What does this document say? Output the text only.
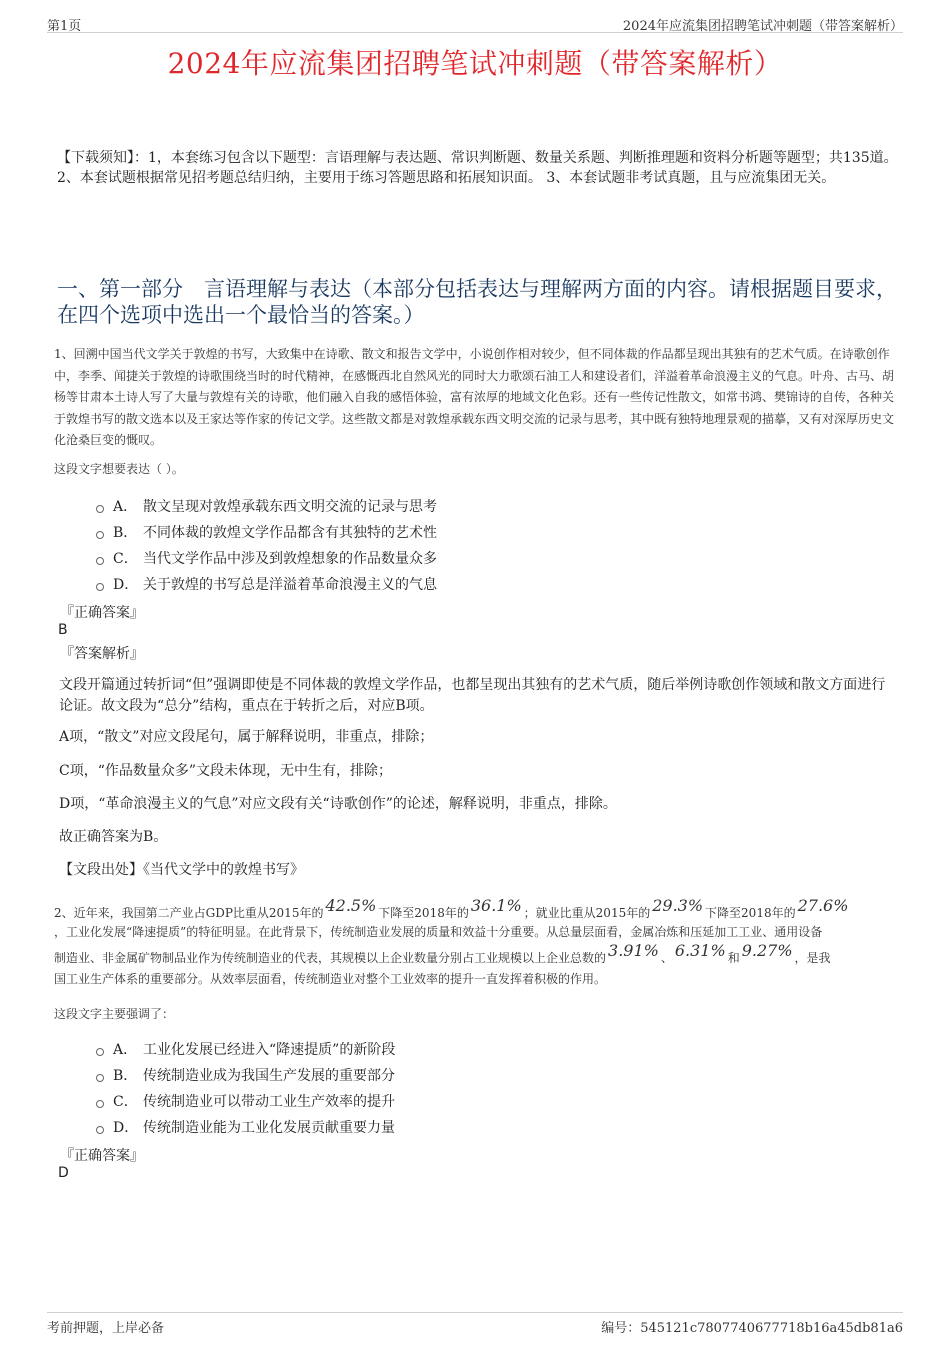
第1页	2024年应流集团招聘笔试冲刺题（带答案解析）
2024年应流集团招聘笔试冲刺题（带答案解析）
【下载须知】：1，本套练习包含以下题型：言语理解与表达题、常识判断题、数量关系题、判断推理题和资料分析题等题型；共135道。 2、本套试题根据常见招考题总结归纳，主要用于练习答题思路和拓展知识面。 3、本套试题非考试真题，且与应流集团无关。
一、第一部分　言语理解与表达（本部分包括表达与理解两方面的内容。请根据题目要求，在四个选项中选出一个最恰当的答案。）
1、回溯中国当代文学关于敦煌的书写，大致集中在诗歌、散文和报告文学中，小说创作相对较少，但不同体裁的作品都呈现出其独有的艺术气质。在诗歌创作中，李季、闻捷关于敦煌的诗歌围绕当时的时代精神，在感慨西北自然风光的同时大力歌颂石油工人和建设者们，洋溢着革命浪漫主义的气息。叶舟、古马、胡杨等甘肃本土诗人写了大量与敦煌有关的诗歌，他们融入自我的感悟体验，富有浓厚的地域文化色彩。还有一些传记性散文，如常书鸿、樊锦诗的自传，各种关于敦煌书写的散文选本以及王家达等作家的传记文学。这些散文都是对敦煌承载东西文明交流的记录与思考，其中既有独特地理景观的描摹，又有对深厚历史文化沧桑巨变的慨叹。
这段文字想要表达（ ）。
A． 散文呈现对敦煌承载东西文明交流的记录与思考
B． 不同体裁的敦煌文学作品都含有其独特的艺术性
C． 当代文学作品中涉及到敦煌想象的作品数量众多
D． 关于敦煌的书写总是洋溢着革命浪漫主义的气息
『正确答案』
B
『答案解析』
文段开篇通过转折词“但”强调即使是不同体裁的敦煌文学作品，也都呈现出其独有的艺术气质，随后举例诗歌创作领域和散文方面进行论证。故文段为“总分”结构，重点在于转折之后，对应B项。
A项，“散文”对应文段尾句，属于解释说明，非重点，排除；
C项，“作品数量众多”文段未体现，无中生有，排除；
D项，“革命浪漫主义的气息”对应文段有关“诗歌创作”的论述，解释说明，非重点，排除。
故正确答案为B。
【文段出处】《当代文学中的敦煌书写》
2、近年来，我国第二产业占GDP比重从2015年的 42.5% 下降至2018年的 36.1% ；就业比重从2015年的 29.3% 下降至2018年的 27.6%
，工业化发展“降速提质”的特征明显。在此背景下，传统制造业发展的质量和效益十分重要。从总量层面看，金属冶炼和压延加工工业、通用设备
制造业、非金属矿物制品业作为传统制造业的代表，其规模以上企业数量分别占工业规模以上企业总数的 3.91% 、 6.31% 和 9.27% ，是我
国工业生产体系的重要部分。从效率层面看，传统制造业对整个工业效率的提升一直发挥着积极的作用。
这段文字主要强调了：
A． 工业化发展已经进入“降速提质”的新阶段
B． 传统制造业成为我国生产发展的重要部分
C． 传统制造业可以带动工业生产效率的提升
D． 传统制造业能为工业化发展贡献重要力量
『正确答案』
D
考前押题，上岸必备	编号：545121c7807740677718b16a45db81a6
